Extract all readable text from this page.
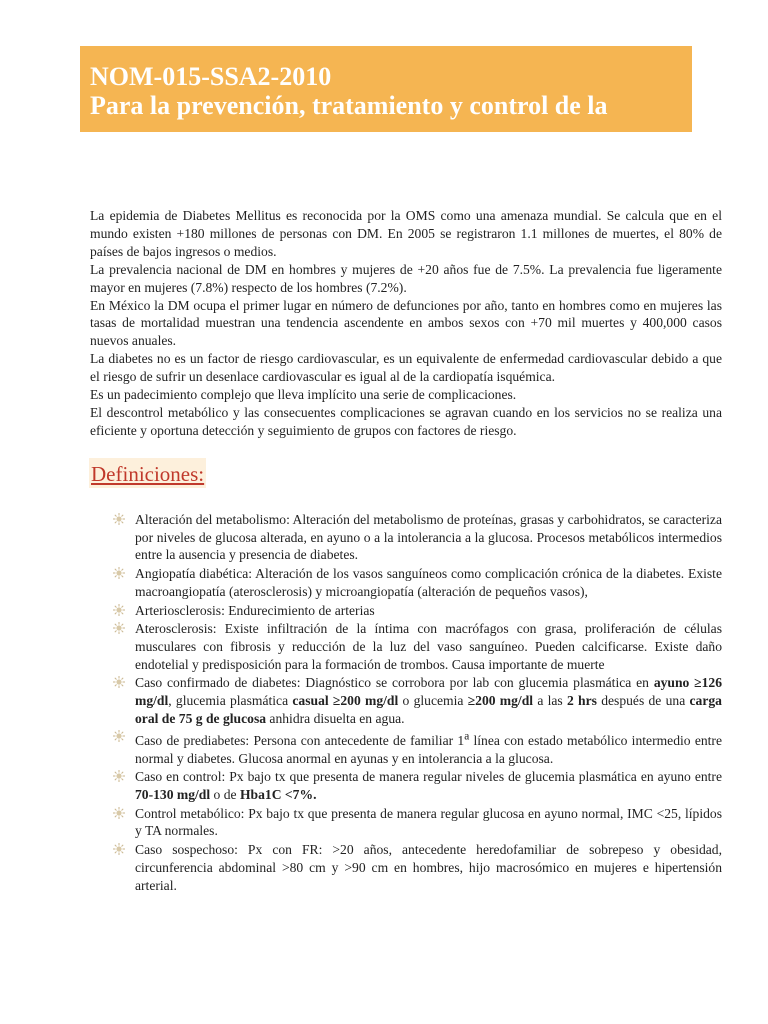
NOM-015-SSA2-2010
Para la prevención, tratamiento y control de la

La epidemia de Diabetes Mellitus es reconocida por la OMS como una amenaza mundial. Se calcula que en el mundo existen +180 millones de personas con DM. En 2005 se registraron 1.1 millones de muertes, el 80% de países de bajos ingresos o medios.

La prevalencia nacional de DM en hombres y mujeres de +20 años fue de 7.5%. La prevalencia fue ligeramente mayor en mujeres (7.8%) respecto de los hombres (7.2%).

En México la DM ocupa el primer lugar en número de defunciones por año, tanto en hombres como en mujeres las tasas de mortalidad muestran una tendencia ascendente en ambos sexos con +70 mil muertes y 400,000 casos nuevos anuales.

La diabetes no es un factor de riesgo cardiovascular, es un equivalente de enfermedad cardiovascular debido a que el riesgo de sufrir un desenlace cardiovascular es igual al de la cardiopatía isquémica.

Es un padecimiento complejo que lleva implícito una serie de complicaciones.

El descontrol metabólico y las consecuentes complicaciones se agravan cuando en los servicios no se realiza una eficiente y oportuna detección y seguimiento de grupos con factores de riesgo.

Definiciones:
Alteración del metabolismo: Alteración del metabolismo de proteínas, grasas y carbohidratos, se caracteriza por niveles de glucosa alterada, en ayuno o a la intolerancia a la glucosa. Procesos metabólicos intermedios entre la ausencia y presencia de diabetes.
Angiopatía diabética: Alteración de los vasos sanguíneos como complicación crónica de la diabetes. Existe macroangiopatía (aterosclerosis) y microangiopatía (alteración de pequeños vasos),
Arteriosclerosis: Endurecimiento de arterias
Aterosclerosis: Existe infiltración de la íntima con macrófagos con grasa, proliferación de células musculares con fibrosis y reducción de la luz del vaso sanguíneo. Pueden calcificarse. Existe daño endotelial y predisposición para la formación de trombos. Causa importante de muerte
Caso confirmado de diabetes: Diagnóstico se corrobora por lab con glucemia plasmática en ayuno ≥126 mg/dl, glucemia plasmática casual ≥200 mg/dl o glucemia ≥200 mg/dl a las 2 hrs después de una carga oral de 75 g de glucosa anhidra disuelta en agua.
Caso de prediabetes: Persona con antecedente de familiar 1$^a$ línea con estado metabólico intermedio entre normal y diabetes. Glucosa anormal en ayunas y en intolerancia a la glucosa.
Caso en control: Px bajo tx que presenta de manera regular niveles de glucemia plasmática en ayuno entre 70-130 mg/dl o de Hba1C <7%.
Control metabólico: Px bajo tx que presenta de manera regular glucosa en ayuno normal, IMC <25, lípidos y TA normales.
Caso sospechoso: Px con FR: >20 años, antecedente heredofamiliar de sobrepeso y obesidad, circunferencia abdominal >80 cm y >90 cm en hombres, hijo macrosómico en mujeres e hipertensión arterial.
